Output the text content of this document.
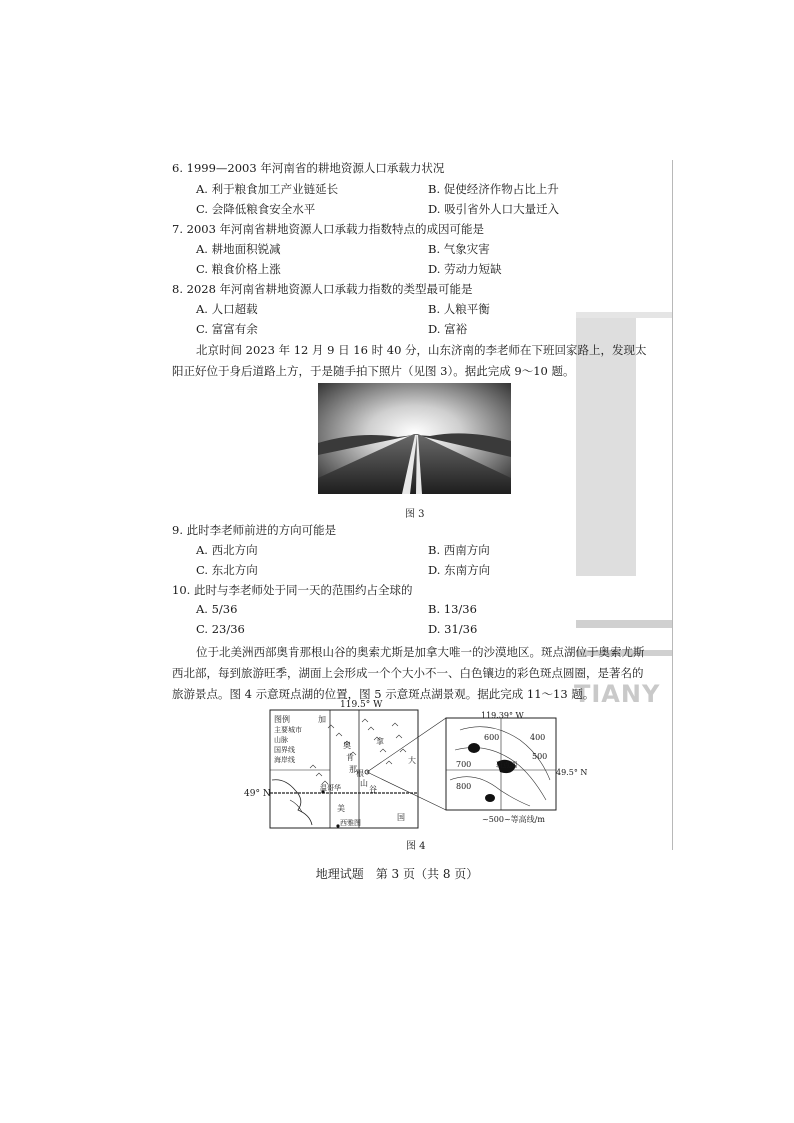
TIANY
6. 1999—2003 年河南省的耕地资源人口承载力状况
A. 利于粮食加工产业链延长	B. 促使经济作物占比上升
C. 会降低粮食安全水平	D. 吸引省外人口大量迁入
7. 2003 年河南省耕地资源人口承载力指数特点的成因可能是
A. 耕地面积锐减	B. 气象灾害
C. 粮食价格上涨	D. 劳动力短缺
8. 2028 年河南省耕地资源人口承载力指数的类型最可能是
A. 人口超载	B. 人粮平衡
C. 富富有余	D. 富裕
北京时间 2023 年 12 月 9 日 16 时 40 分，山东济南的李老师在下班回家路上，发现太阳正好位于身后道路上方，于是随手拍下照片（见图 3）。据此完成 9～10 题。
图 3
9. 此时李老师前进的方向可能是
A. 西北方向	B. 西南方向
C. 东北方向	D. 东南方向
10. 此时与李老师处于同一天的范围约占全球的
A. 5/36	B. 13/36
C. 23/36	D. 31/36
位于北美洲西部奥肯那根山谷的奥索尤斯是加拿大唯一的沙漠地区。斑点湖位于奥索尤斯西北部，每到旅游旺季，湖面上会形成一个个大小不一、白色镶边的彩色斑点圆圈，是著名的旅游景点。图 4 示意斑点湖的位置，图 5 示意斑点湖景观。据此完成 11～13 题。
119.5° W
49° N
图例
主要城市
山脉
国界线
海岸线
加
拿
大
奥
肯
那 根
山
谷
温哥华
美
国
西雅图
119.39° W
49.5° N
600	400
700
500
800
斑点湖
~500~等高线/m
图 4
地理试题　第 3 页（共 8 页）
